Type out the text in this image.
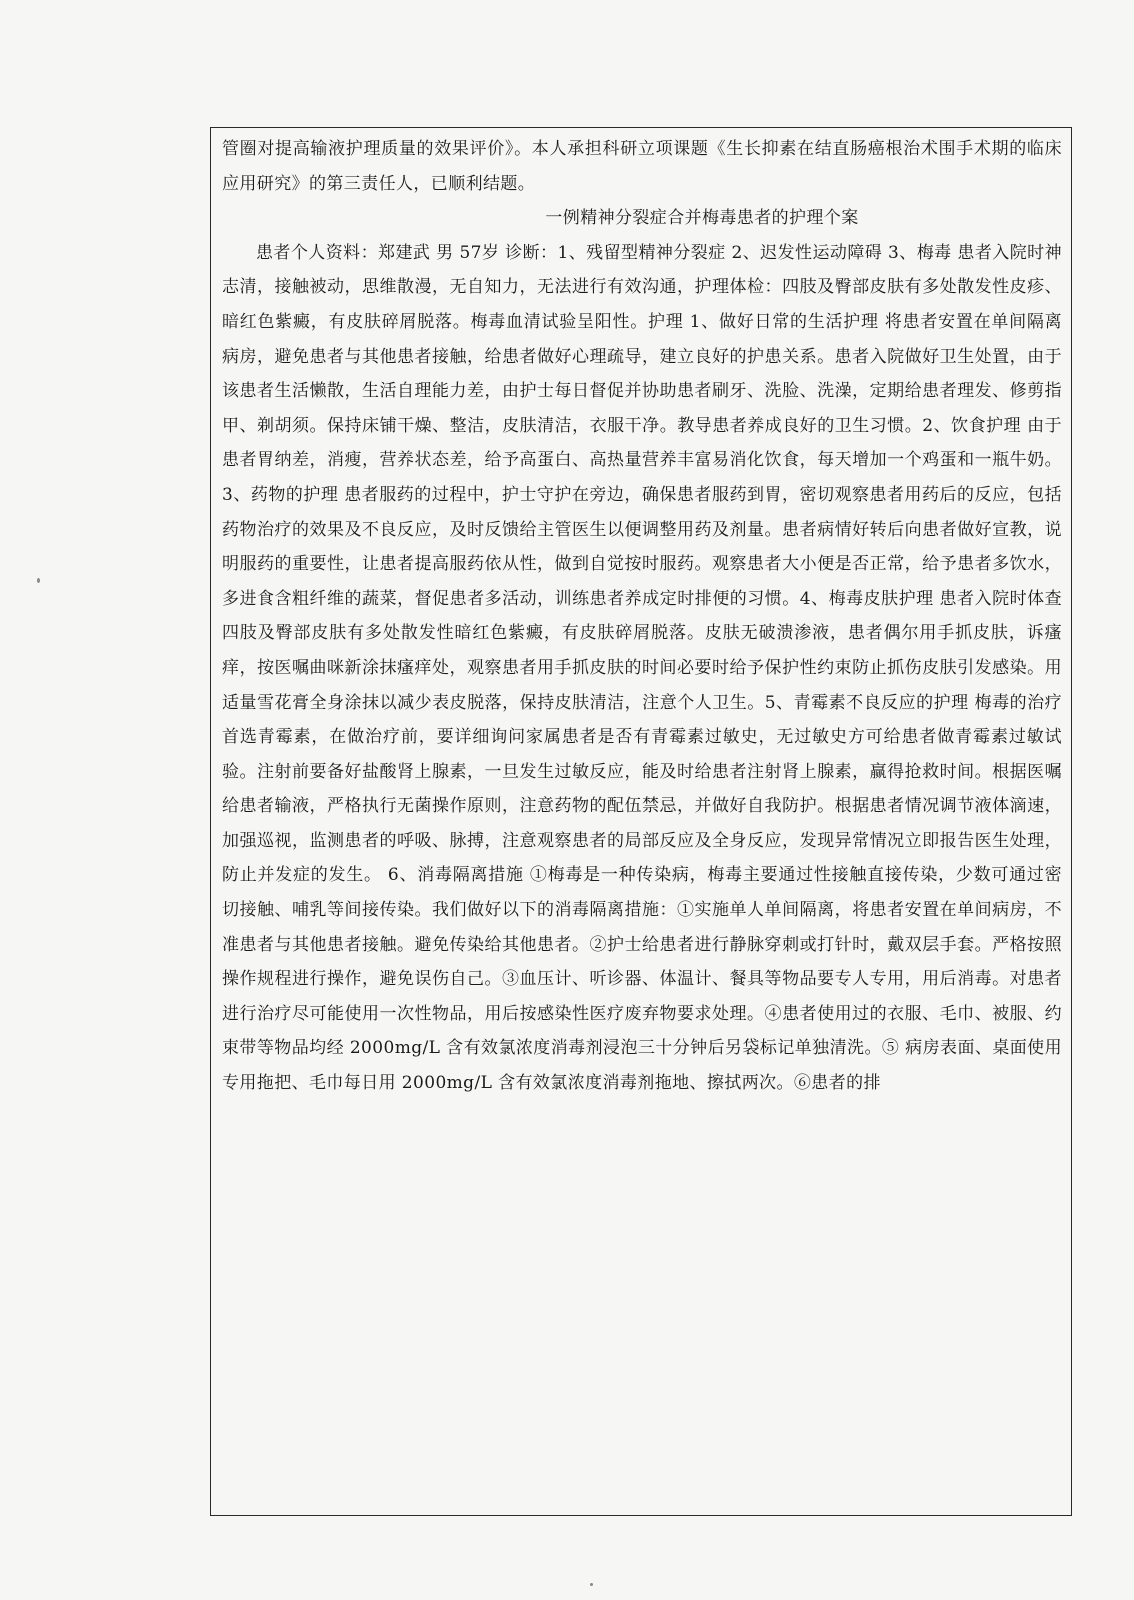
管圈对提高输液护理质量的效果评价》。本人承担科研立项课题《生长抑素在结直肠癌根治术围手术期的临床应用研究》的第三责任人，已顺利结题。

一例精神分裂症合并梅毒患者的护理个案

患者个人资料：郑建武 男 57岁 诊断：1、残留型精神分裂症 2、迟发性运动障碍 3、梅毒 患者入院时神志清，接触被动，思维散漫，无自知力，无法进行有效沟通，护理体检：四肢及臀部皮肤有多处散发性皮疹、暗红色紫癜，有皮肤碎屑脱落。梅毒血清试验呈阳性。护理 1、做好日常的生活护理 将患者安置在单间隔离病房，避免患者与其他患者接触，给患者做好心理疏导，建立良好的护患关系。患者入院做好卫生处置，由于该患者生活懒散，生活自理能力差，由护士每日督促并协助患者刷牙、洗脸、洗澡，定期给患者理发、修剪指甲、剃胡须。保持床铺干燥、整洁，皮肤清洁，衣服干净。教导患者养成良好的卫生习惯。2、饮食护理 由于患者胃纳差，消瘦，营养状态差，给予高蛋白、高热量营养丰富易消化饮食，每天增加一个鸡蛋和一瓶牛奶。3、药物的护理 患者服药的过程中，护士守护在旁边，确保患者服药到胃，密切观察患者用药后的反应，包括药物治疗的效果及不良反应，及时反馈给主管医生以便调整用药及剂量。患者病情好转后向患者做好宣教，说明服药的重要性，让患者提高服药依从性，做到自觉按时服药。观察患者大小便是否正常，给予患者多饮水，多进食含粗纤维的蔬菜，督促患者多活动，训练患者养成定时排便的习惯。4、梅毒皮肤护理 患者入院时体查四肢及臀部皮肤有多处散发性暗红色紫癜，有皮肤碎屑脱落。皮肤无破溃渗液，患者偶尔用手抓皮肤，诉瘙痒，按医嘱曲咪新涂抹瘙痒处，观察患者用手抓皮肤的时间必要时给予保护性约束防止抓伤皮肤引发感染。用适量雪花膏全身涂抹以减少表皮脱落，保持皮肤清洁，注意个人卫生。5、青霉素不良反应的护理 梅毒的治疗首选青霉素，在做治疗前，要详细询问家属患者是否有青霉素过敏史，无过敏史方可给患者做青霉素过敏试验。注射前要备好盐酸肾上腺素，一旦发生过敏反应，能及时给患者注射肾上腺素，赢得抢救时间。根据医嘱给患者输液，严格执行无菌操作原则，注意药物的配伍禁忌，并做好自我防护。根据患者情况调节液体滴速，加强巡视，监测患者的呼吸、脉搏，注意观察患者的局部反应及全身反应，发现异常情况立即报告医生处理，防止并发症的发生。 6、消毒隔离措施 ①梅毒是一种传染病，梅毒主要通过性接触直接传染，少数可通过密切接触、哺乳等间接传染。我们做好以下的消毒隔离措施：①实施单人单间隔离，将患者安置在单间病房，不准患者与其他患者接触。避免传染给其他患者。②护士给患者进行静脉穿刺或打针时，戴双层手套。严格按照操作规程进行操作，避免误伤自己。③血压计、听诊器、体温计、餐具等物品要专人专用，用后消毒。对患者进行治疗尽可能使用一次性物品，用后按感染性医疗废弃物要求处理。④患者使用过的衣服、毛巾、被服、约束带等物品均经 2000mg/L 含有效氯浓度消毒剂浸泡三十分钟后另袋标记单独清洗。⑤ 病房表面、桌面使用专用拖把、毛巾每日用 2000mg/L 含有效氯浓度消毒剂拖地、擦拭两次。⑥患者的排
